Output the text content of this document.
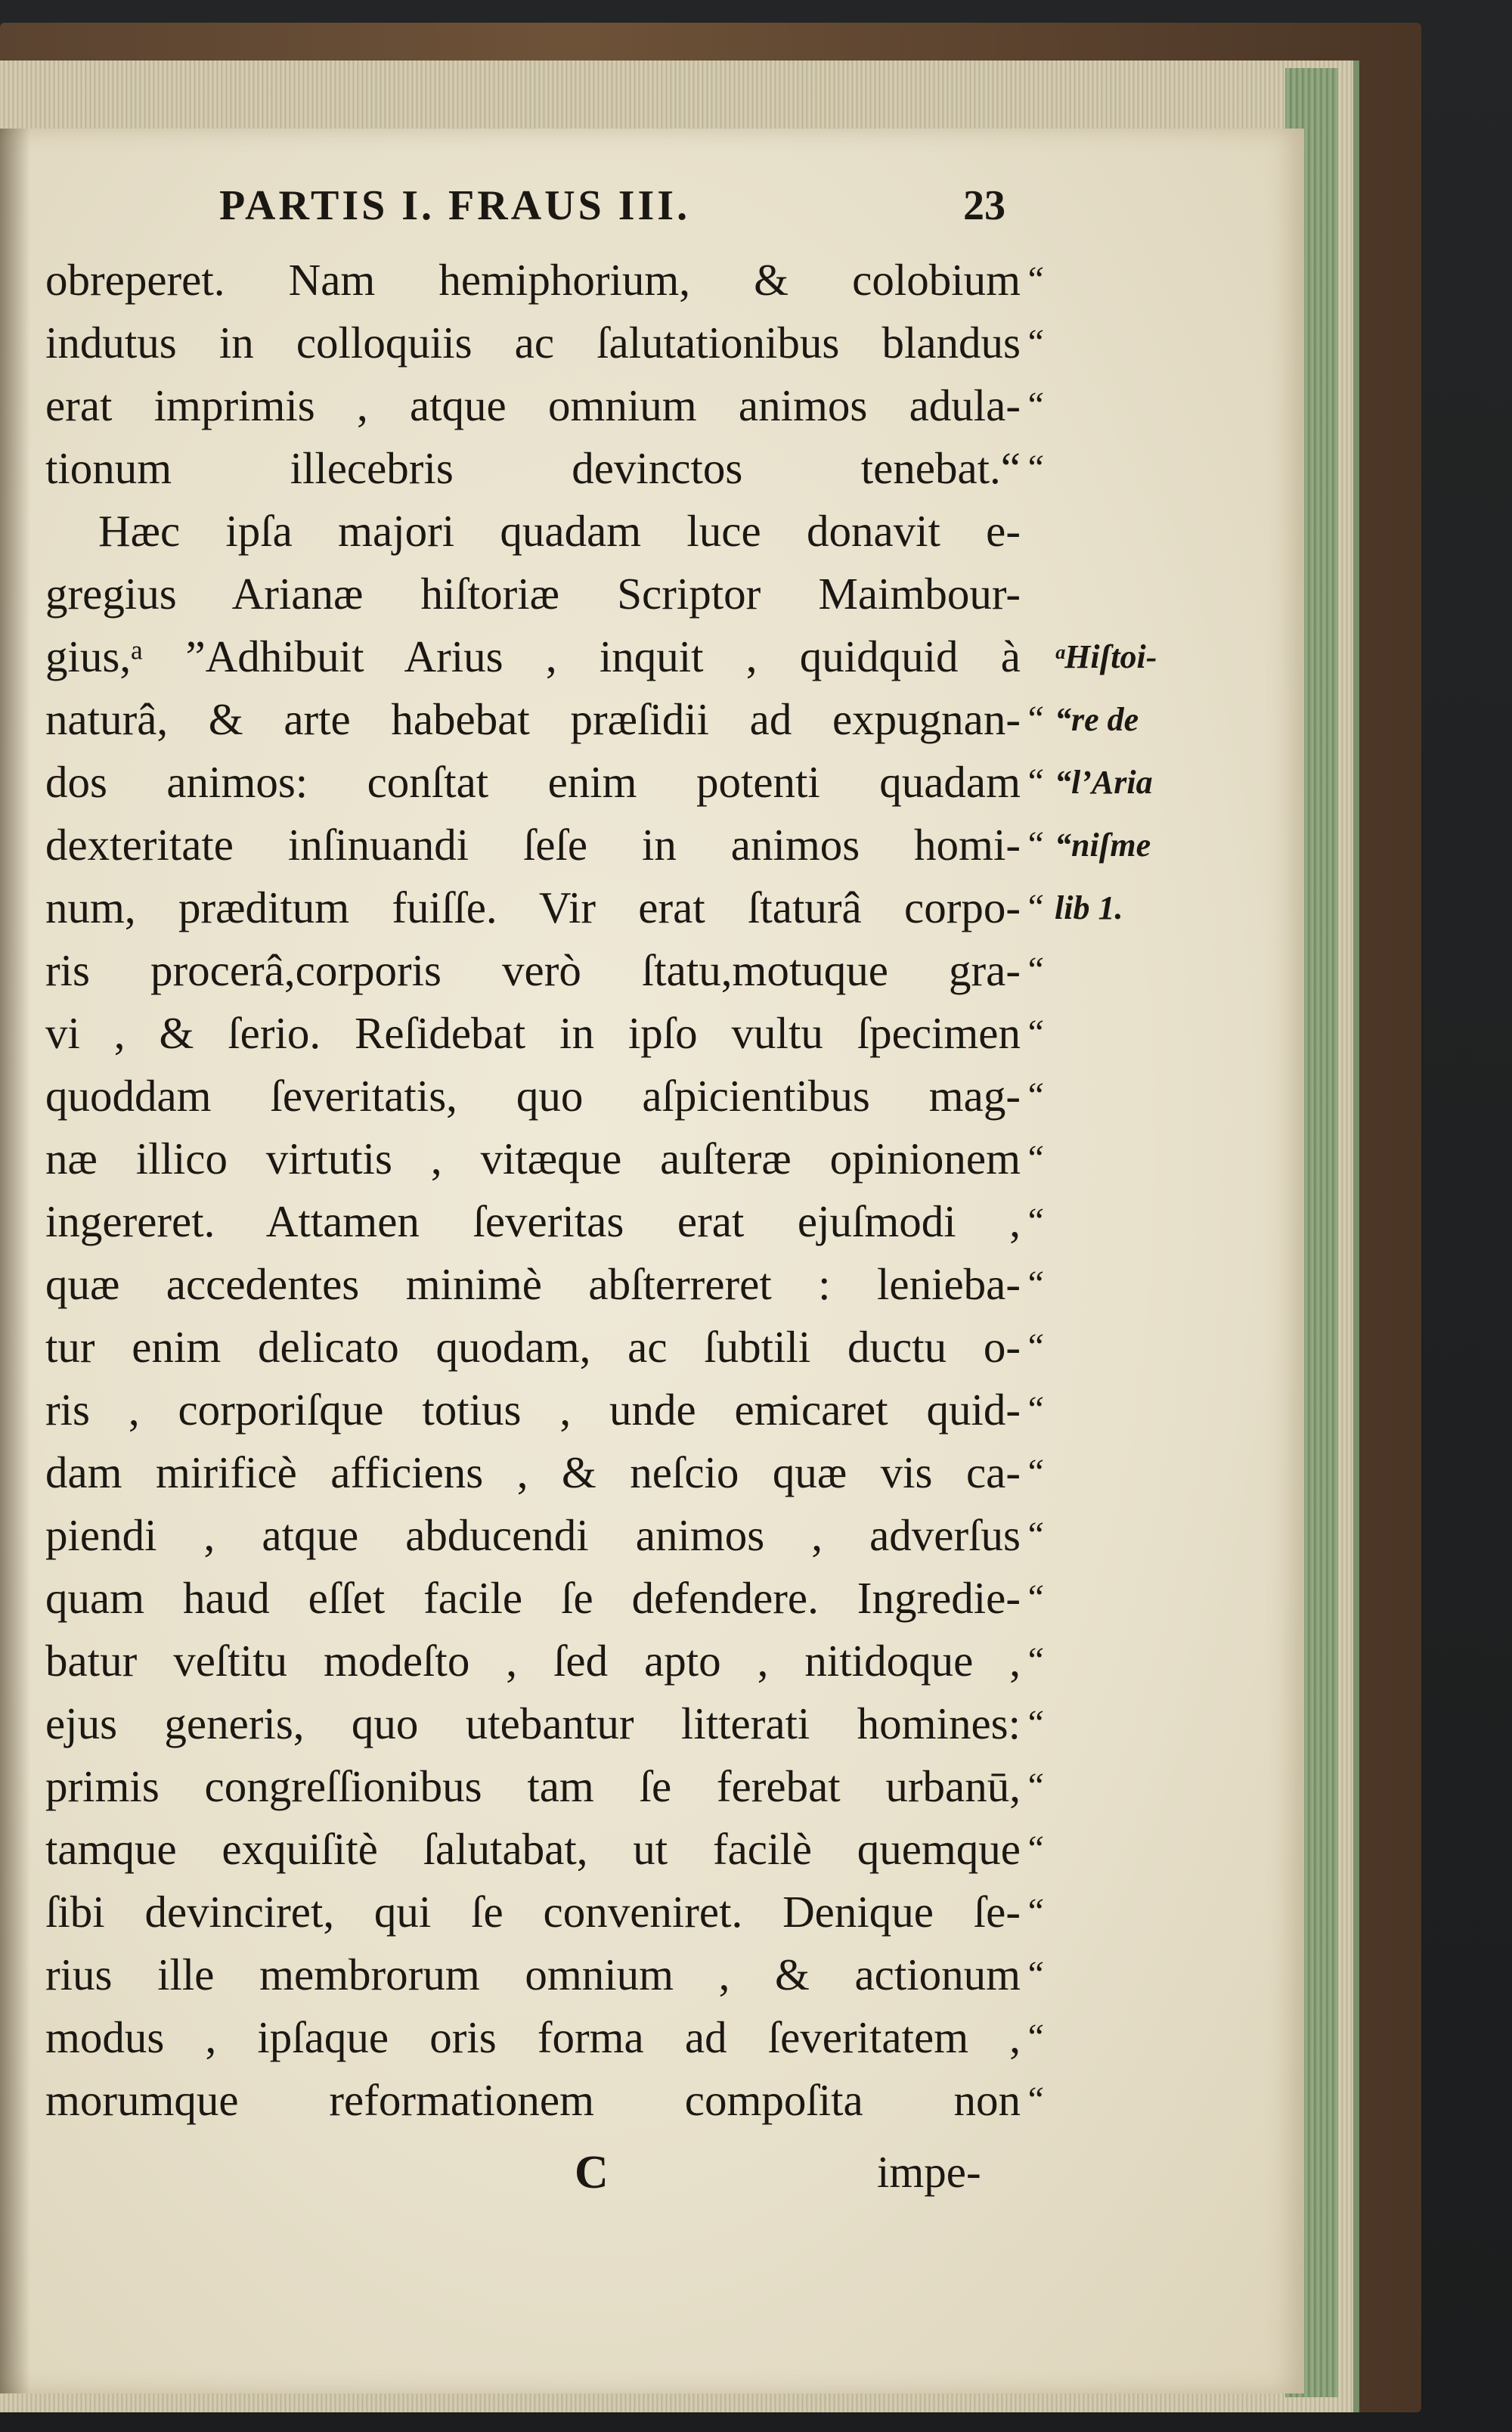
PARTIS I. FRAUS III.	23
obreperet. Nam hemiphorium, & colobium “
indutus in colloquiis ac ſalutationibus blandus “
erat imprimis , atque omnium animos adula- “
tionum illecebris devinctos tenebat.“ “
Hæc ipſa majori quadam luce donavit e-
gregius Arianæ hiſtoriæ Scriptor Maimbour-
gius,ᵃ ”Adhibuit Arius , inquit , quidquid à
naturâ, & arte habebat præſidii ad expugnan- “
dos animos: conſtat enim potenti quadam “
dexteritate inſinuandi ſeſe in animos homi- “
num, præditum fuiſſe. Vir erat ſtaturâ corpo- “
ris procerâ,corporis verò ſtatu,motuque gra- “
vi , & ſerio. Reſidebat in ipſo vultu ſpecimen “
quoddam ſeveritatis, quo aſpicientibus mag- “
næ illico virtutis , vitæque auſteræ opinionem “
ingereret. Attamen ſeveritas erat ejuſmodi , “
quæ accedentes minimè abſterreret : lenieba- “
tur enim delicato quodam, ac ſubtili ductu o- “
ris , corporiſque totius , unde emicaret quid- “
dam mirificè afficiens , & neſcio quæ vis ca- “
piendi , atque abducendi animos , adverſus “
quam haud eſſet facile ſe defendere. Ingredie- “
batur veſtitu modeſto , ſed apto , nitidoque , “
ejus generis, quo utebantur litterati homines: “
primis congreſſionibus tam ſe ferebat urbanū, “
tamque exquiſitè ſalutabat, ut facilè quemque “
ſibi devinciret, qui ſe conveniret. Denique ſe- “
rius ille membrorum omnium , & actionum “
modus , ipſaque oris forma ad ſeveritatem , “
morumque reformationem compoſita non “
ᵃHiſtoi-
“re de
“l’Aria
“niſme
lib 1.
C	impe-
